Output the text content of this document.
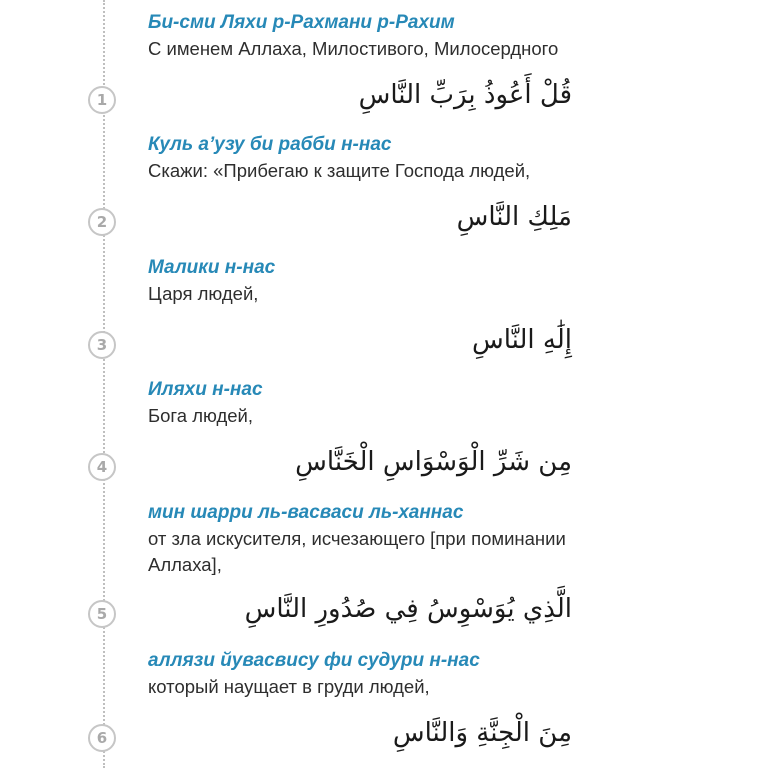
Би-сми Ляхи р-Рахмани р-Рахим
С именем Аллаха, Милостивого, Милосердного
1	قُلْ أَعُوذُ بِرَبِّ النَّاسِ
Куль а’узу би рабби н-нас
Скажи: «Прибегаю к защите Господа людей,
2	مَلِكِ النَّاسِ
Малики н-нас
Царя людей,
3	إِلَٰهِ النَّاسِ
Иляхи н-нас
Бога людей,
4	مِن شَرِّ الْوَسْوَاسِ الْخَنَّاسِ
мин шарри ль-васваси ль-ханнас
от зла искусителя, исчезающего [при поминании Аллаха],
5	الَّذِي يُوَسْوِسُ فِي صُدُورِ النَّاسِ
аллязи йувасвису фи судури н-нас
который наущает в груди людей,
6	مِنَ الْجِنَّةِ وَالنَّاسِ
